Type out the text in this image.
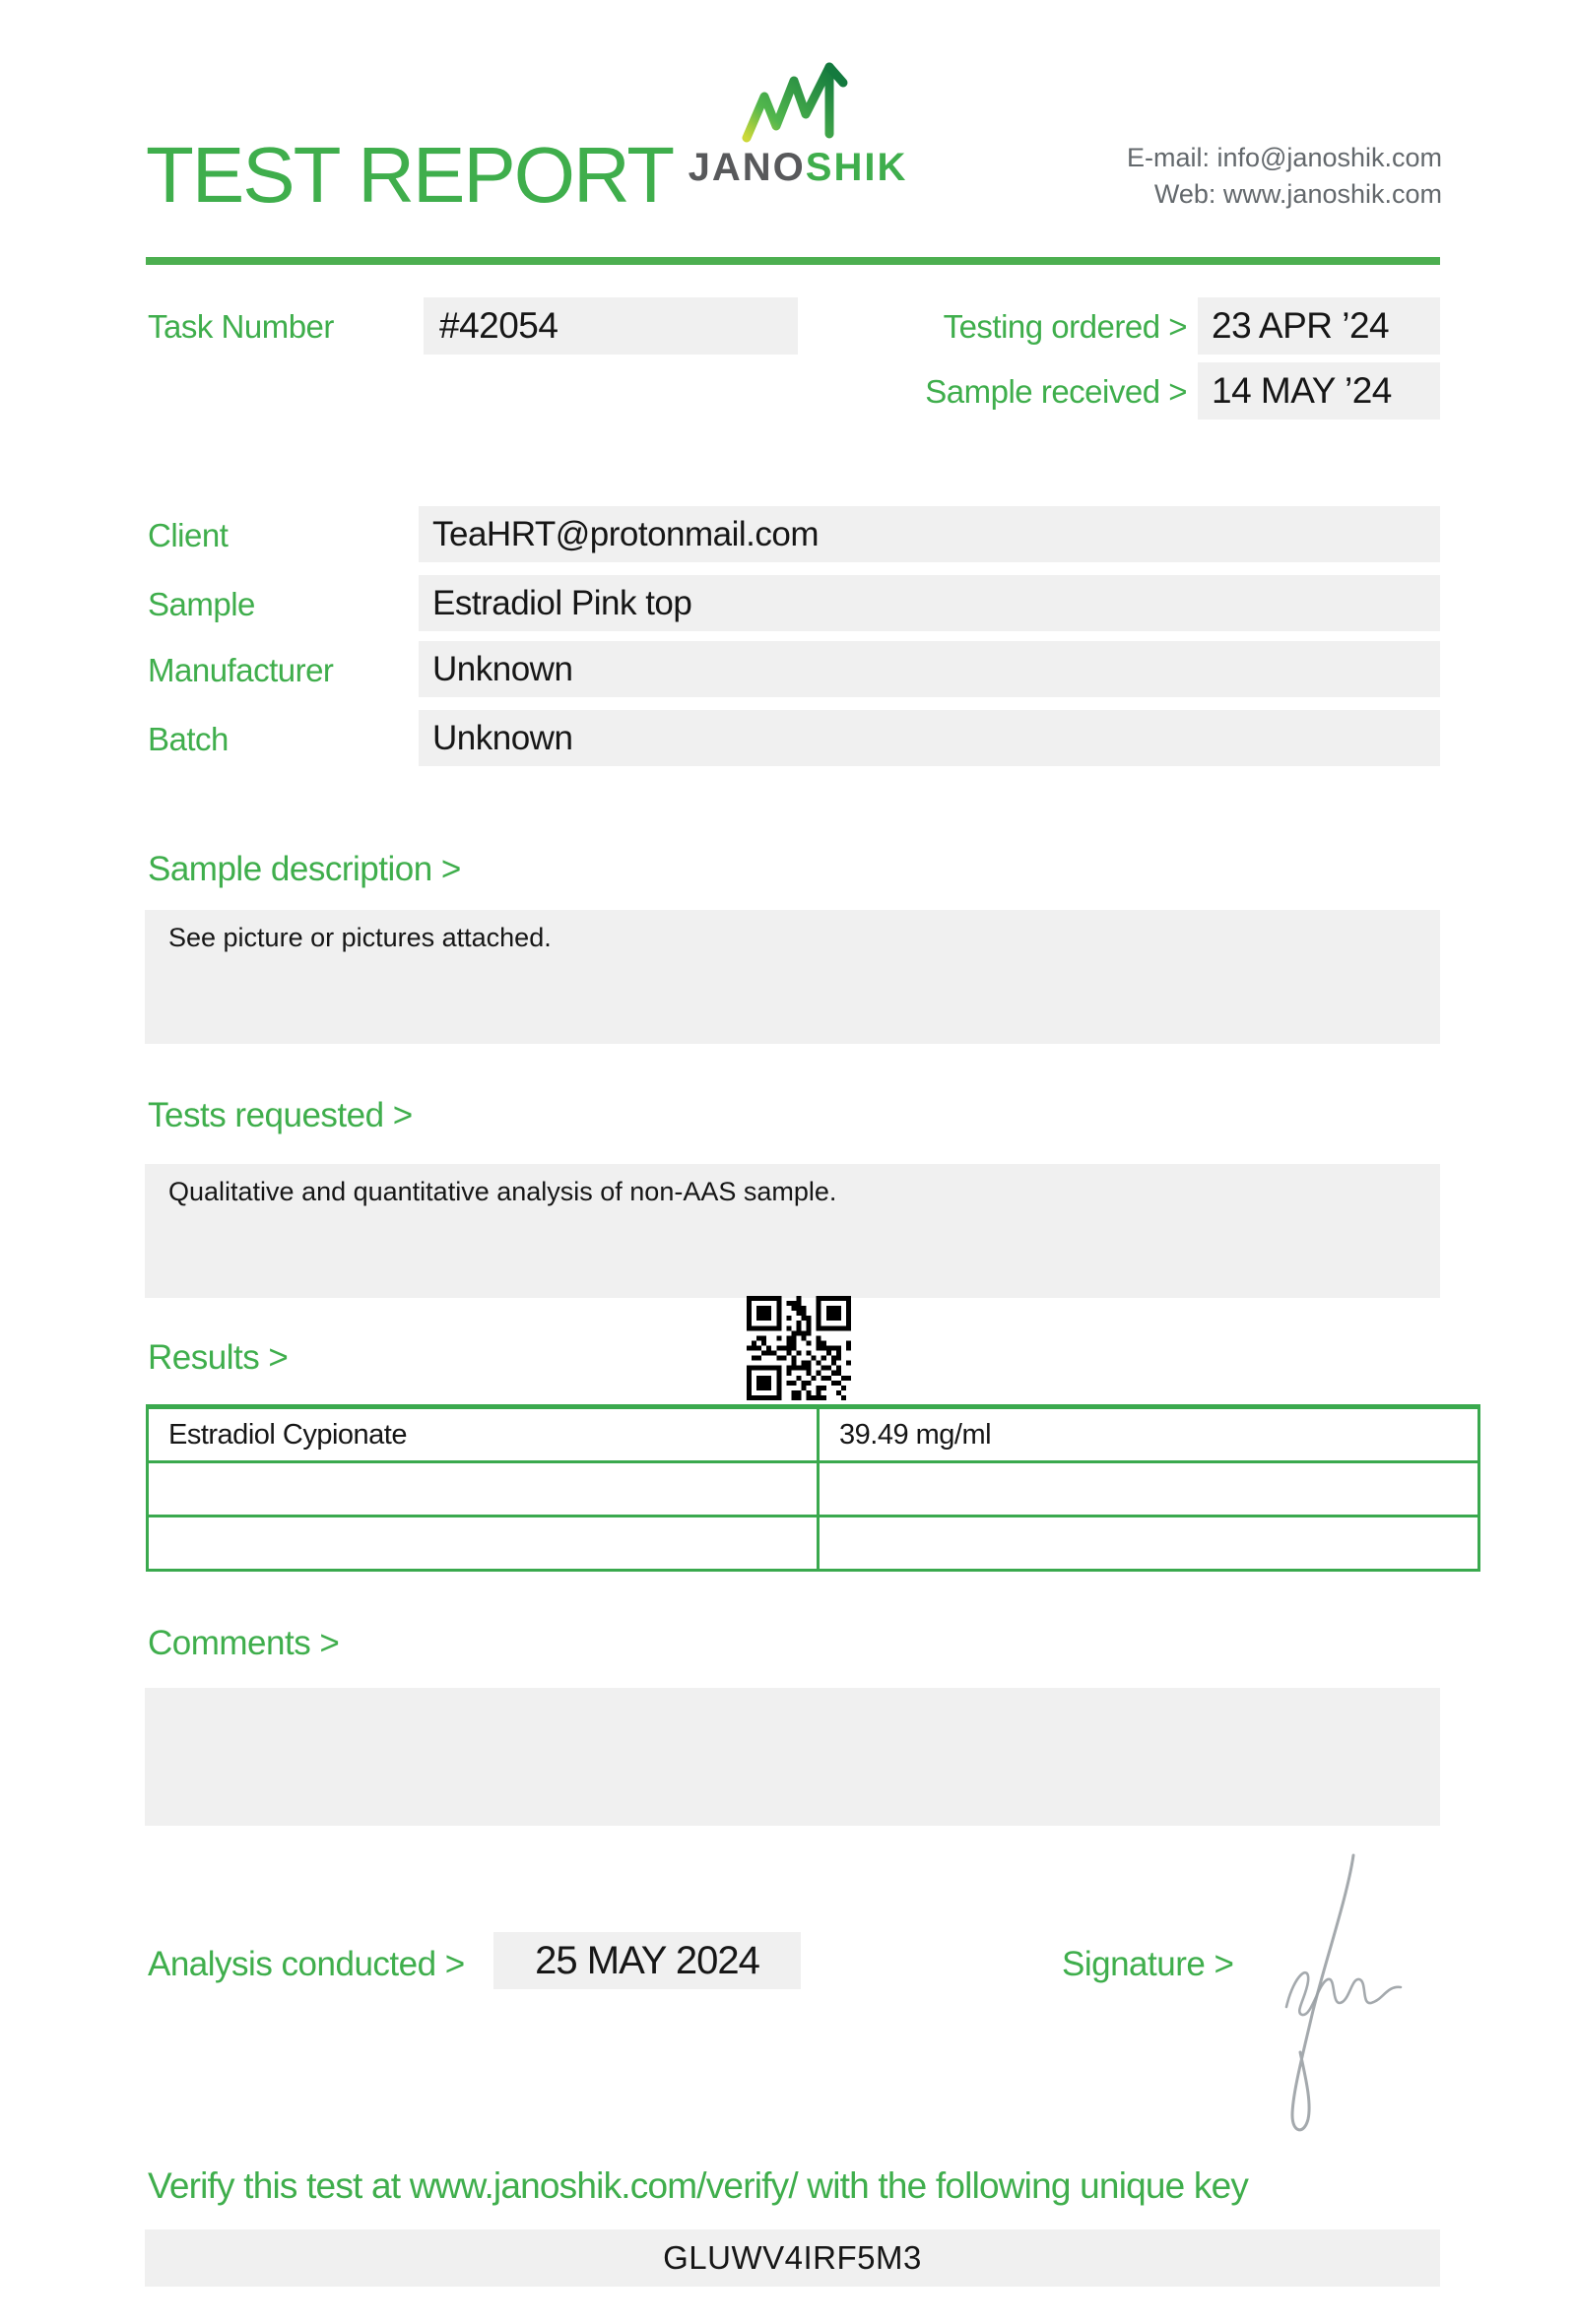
TEST REPORT JANOSHIK	E-mail: info@janoshik.com
Web: www.janoshik.com
Task Number	#42054	Testing ordered > 23 APR ’24
Sample received > 14 MAY ’24
Client	TeaHRT@protonmail.com
Sample	Estradiol Pink top
Manufacturer	Unknown
Batch	Unknown
Sample description >
See picture or pictures attached.
Tests requested >
Qualitative and quantitative analysis of non-AAS sample.
Results >
Estradiol Cypionate	39.49 mg/ml

Comments >
Analysis conducted >	25 MAY 2024	Signature >
Verify this test at www.janoshik.com/verify/ with the following unique key
GLUWV4IRF5M3
